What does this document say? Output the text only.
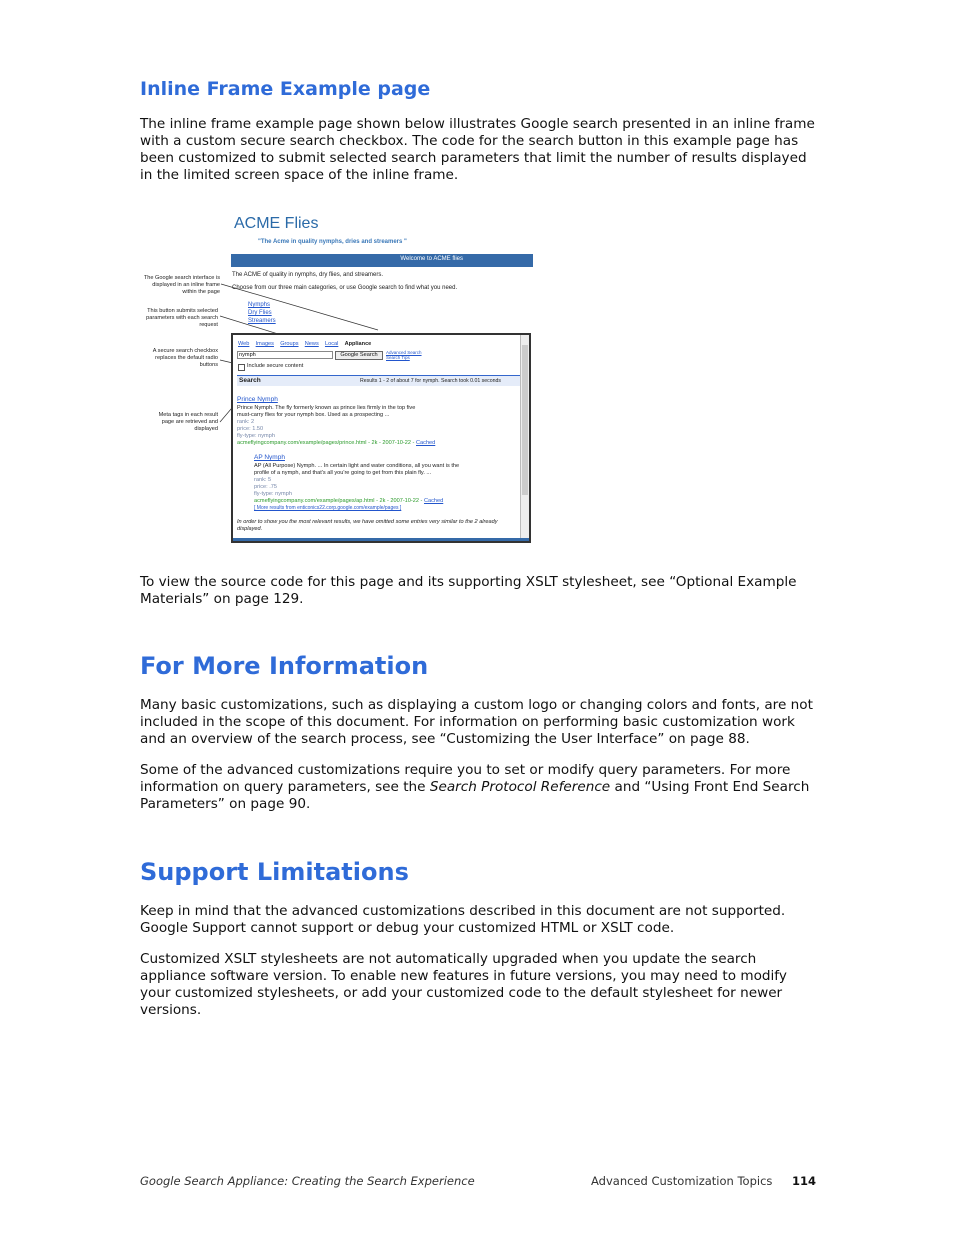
Inline Frame Example page

The inline frame example page shown below illustrates Google search presented in an inline frame with a custom secure search checkbox. The code for the search button in this example page has been customized to submit selected search parameters that limit the number of results displayed in the limited screen space of the inline frame.

ACME Flies
"The Acme in quality nymphs, dries and streamers "
Welcome to ACME flies
The ACME of quality in nymphs, dry flies, and streamers.
Choose from our three main categories, or use Google search to find what you need.
Nymphs
Dry Flies
Streamers
The Google search interface is displayed in an inline frame within the page
This button submits selected parameters with each search request
A secure search checkbox replaces the default radio buttons
Meta tags in each result page are retrieved and displayed
Web Images Groups News Local Appliance
nymph	Google Search	Advanced Search
Search Tips
Include secure content
Search	Results 1 - 2 of about 7 for nymph. Search took 0.01 seconds
Prince Nymph
Prince Nymph. The fly formerly known as prince lies firmly in the top five
must-carry flies for your nymph box. Used as a prospecting ...
rank: 2
price: 1.50
fly-type: nymph
acmeflyingcompany.com/example/pages/prince.html - 2k - 2007-10-22 - Cached
AP Nymph
AP (All Purpose) Nymph. ... In certain light and water conditions, all you want is the
profile of a nymph, and that's all you're going to get from this plain fly. ...
rank: 5
price: .75
fly-type: nymph
acmeflyingcompany.com/example/pages/ap.html - 2k - 2007-10-22 - Cached
[ More results from enticonics22.corp.google.com/example/pages ]
In order to show you the most relevant results, we have omitted some entries very similar to the 2 already displayed.

To view the source code for this page and its supporting XSLT stylesheet, see “Optional Example Materials” on page 129.

For More Information

Many basic customizations, such as displaying a custom logo or changing colors and fonts, are not included in the scope of this document. For information on performing basic customization work and an overview of the search process, see “Customizing the User Interface” on page 88.

Some of the advanced customizations require you to set or modify query parameters. For more information on query parameters, see the Search Protocol Reference and “Using Front End Search Parameters” on page 90.

Support Limitations

Keep in mind that the advanced customizations described in this document are not supported. Google Support cannot support or debug your customized HTML or XSLT code.

Customized XSLT stylesheets are not automatically upgraded when you update the search appliance software version. To enable new features in future versions, you may need to modify your customized stylesheets, or add your customized code to the default stylesheet for newer versions.

Google Search Appliance: Creating the Search Experience	Advanced Customization Topics 114
